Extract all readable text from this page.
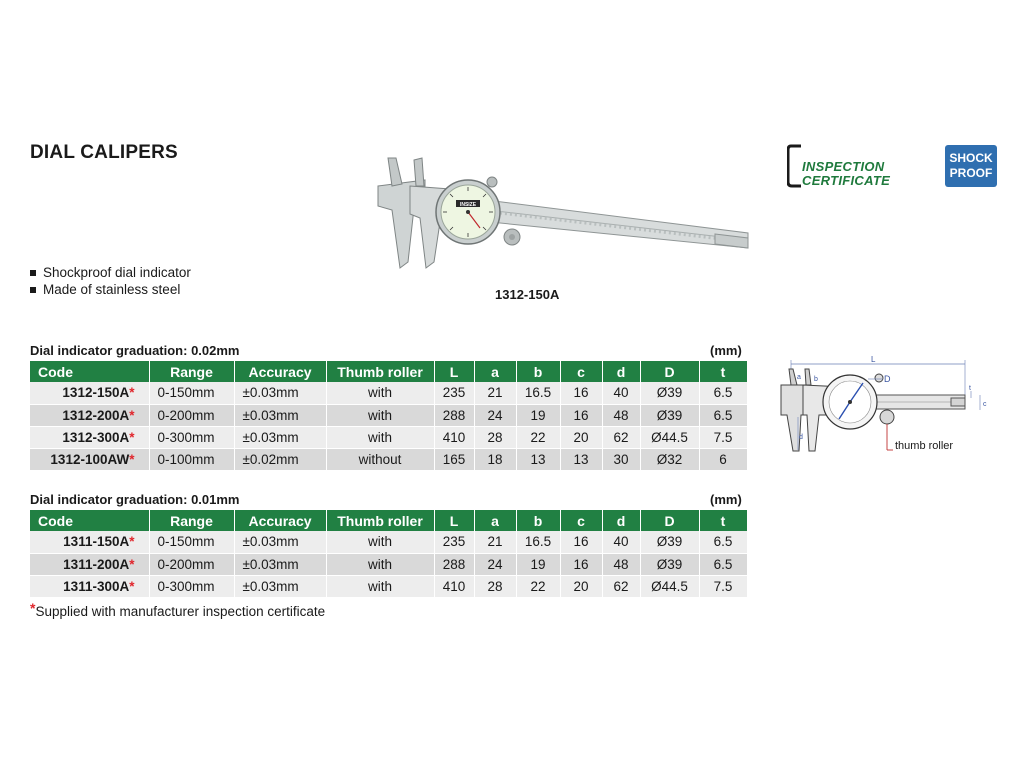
DIAL CALIPERS
INSIZE
1312-150A
Shockproof dial indicator
Made of stainless steel
INSPECTION
CERTIFICATE
SHOCK
PROOF
Dial indicator graduation: 0.02mm	(mm)
Code	Range	Accuracy	Thumb roller	L	a	b	c	d	D	t
1312-150A*	0-150mm	±0.03mm	with	235	21	16.5	16	40	Ø39	6.5
1312-200A*	0-200mm	±0.03mm	with	288	24	19	16	48	Ø39	6.5
1312-300A*	0-300mm	±0.03mm	with	410	28	22	20	62	Ø44.5	7.5
1312-100AW*	0-100mm	±0.02mm	without	165	18	13	13	30	Ø32	6
Dial indicator graduation: 0.01mm	(mm)
Code	Range	Accuracy	Thumb roller	L	a	b	c	d	D	t
1311-150A*	0-150mm	±0.03mm	with	235	21	16.5	16	40	Ø39	6.5
1311-200A*	0-200mm	±0.03mm	with	288	24	19	16	48	Ø39	6.5
1311-300A*	0-300mm	±0.03mm	with	410	28	22	20	62	Ø44.5	7.5
*Supplied with manufacturer inspection certificate
L
D
a b
d
t
c
thumb roller
